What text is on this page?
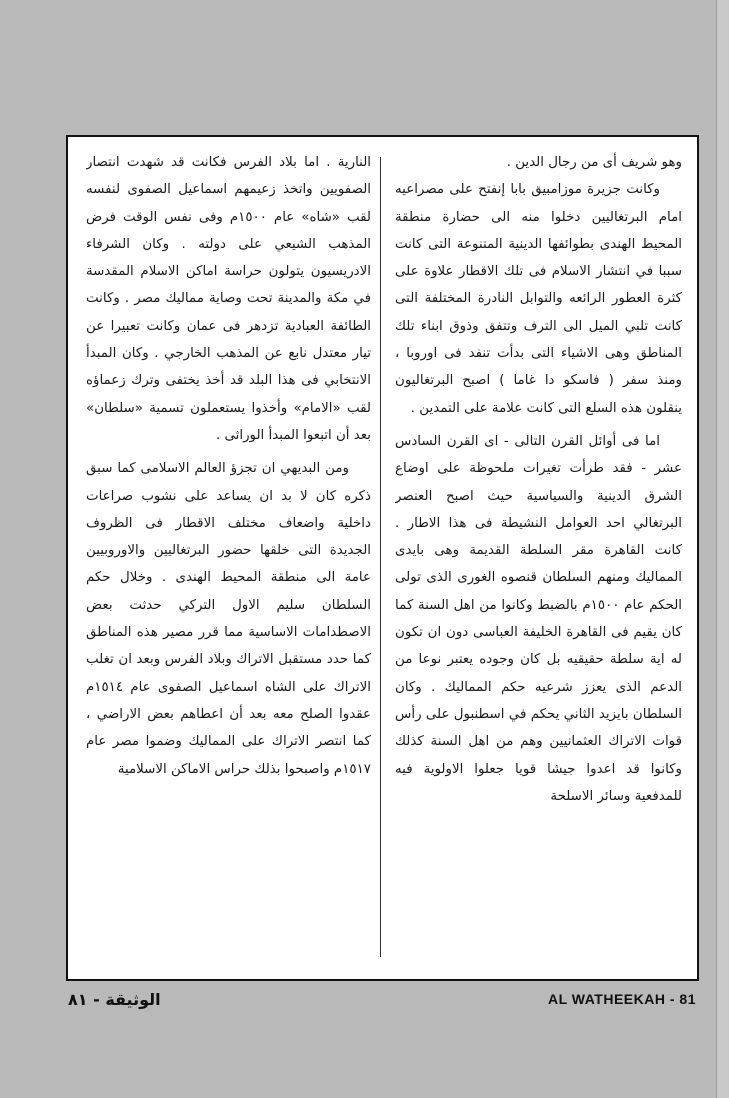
وهو شريف أى من رجال الدين .

وكانت جزيرة موزامبيق بابا إنفتح على مصراعيه امام البرتغاليين دخلوا منه الى حضارة منطقة المحيط الهندى بطوائفها الدينية المتنوعة التى كانت سببا في انتشار الاسلام فى تلك الاقطار علاوة على كثرة العطور الرائعه والتوابل النادرة المختلفة التى كانت تلبي الميل الى الترف وتتفق وذوق ابناء تلك المناطق وهى الاشياء التى بدأت تنفد فى اوروبا ، ومنذ سفر ( فاسكو دا غاما ) اصبح البرتغاليون ينقلون هذه السلع التى كانت علامة على التمدين .

اما فى أوائل القرن التالى - اى القرن السادس عشر - فقد طرأت تغيرات ملحوظة على اوضاع الشرق الدينية والسياسية حيث اصبح العنصر البرتغالي احد العوامل النشيطة فى هذا الاطار . كانت القاهرة مقر السلطة القديمة وهى بايدى المماليك ومنهم السلطان قنصوه الغورى الذى تولى الحكم عام ١٥٠٠م بالضبط وكانوا من اهل السنة كما كان يقيم فى القاهرة الخليفة العباسى دون ان تكون له اية سلطة حقيقيه بل كان وجوده يعتبر نوعا من الدعم الذى يعزز شرعيه حكم المماليك . وكان السلطان بايزيد الثاني يحكم في اسطنبول على رأس قوات الاتراك العثمانيين وهم من اهل السنة كذلك وكانوا قد اعدوا جيشا قويا جعلوا الاولوية فيه للمدفعية وسائر الاسلحة

النارية . اما بلاد الفرس فكانت قد شهدت انتصار الصفويين واتخذ زعيمهم اسماعيل الصفوى لنفسه لقب «شاه» عام ١٥٠٠م وفى نفس الوقت فرض المذهب الشيعي على دولته . وكان الشرفاء الادريسيون يتولون حراسة اماكن الاسلام المقدسة في مكة والمدينة تحت وصاية مماليك مصر . وكانت الطائفة العبادية تزدهر فى عمان وكانت تعبيرا عن تيار معتدل نابع عن المذهب الخارجي . وكان المبدأ الانتخابي فى هذا البلد قد أخذ يختفى وترك زعماؤه لقب «الامام» وأخذوا يستعملون تسمية «سلطان» بعد أن اتبعوا المبدأ الوراثى .

ومن البديهي ان تجزؤ العالم الاسلامى كما سبق ذكره كان لا بد ان يساعد على نشوب صراعات داخلية واضعاف مختلف الاقطار فى الظروف الجديدة التى خلقها حضور البرتغاليين والاوروبيين عامة الى منطقة المحيط الهندى . وخلال حكم السلطان سليم الاول التركي حدثت بعض الاصطدامات الاساسية مما قرر مصير هذه المناطق كما حدد مستقبل الاتراك وبلاد الفرس وبعد ان تغلب الاتراك على الشاه اسماعيل الصفوى عام ١٥١٤م عقدوا الصلح معه بعد أن اعطاهم بعض الاراضي ، كما انتصر الاتراك على المماليك وضموا مصر عام ١٥١٧م واصبحوا بذلك حراس الاماكن الاسلامية

الوثيقة - ٨١	AL WATHEEKAH - 81
